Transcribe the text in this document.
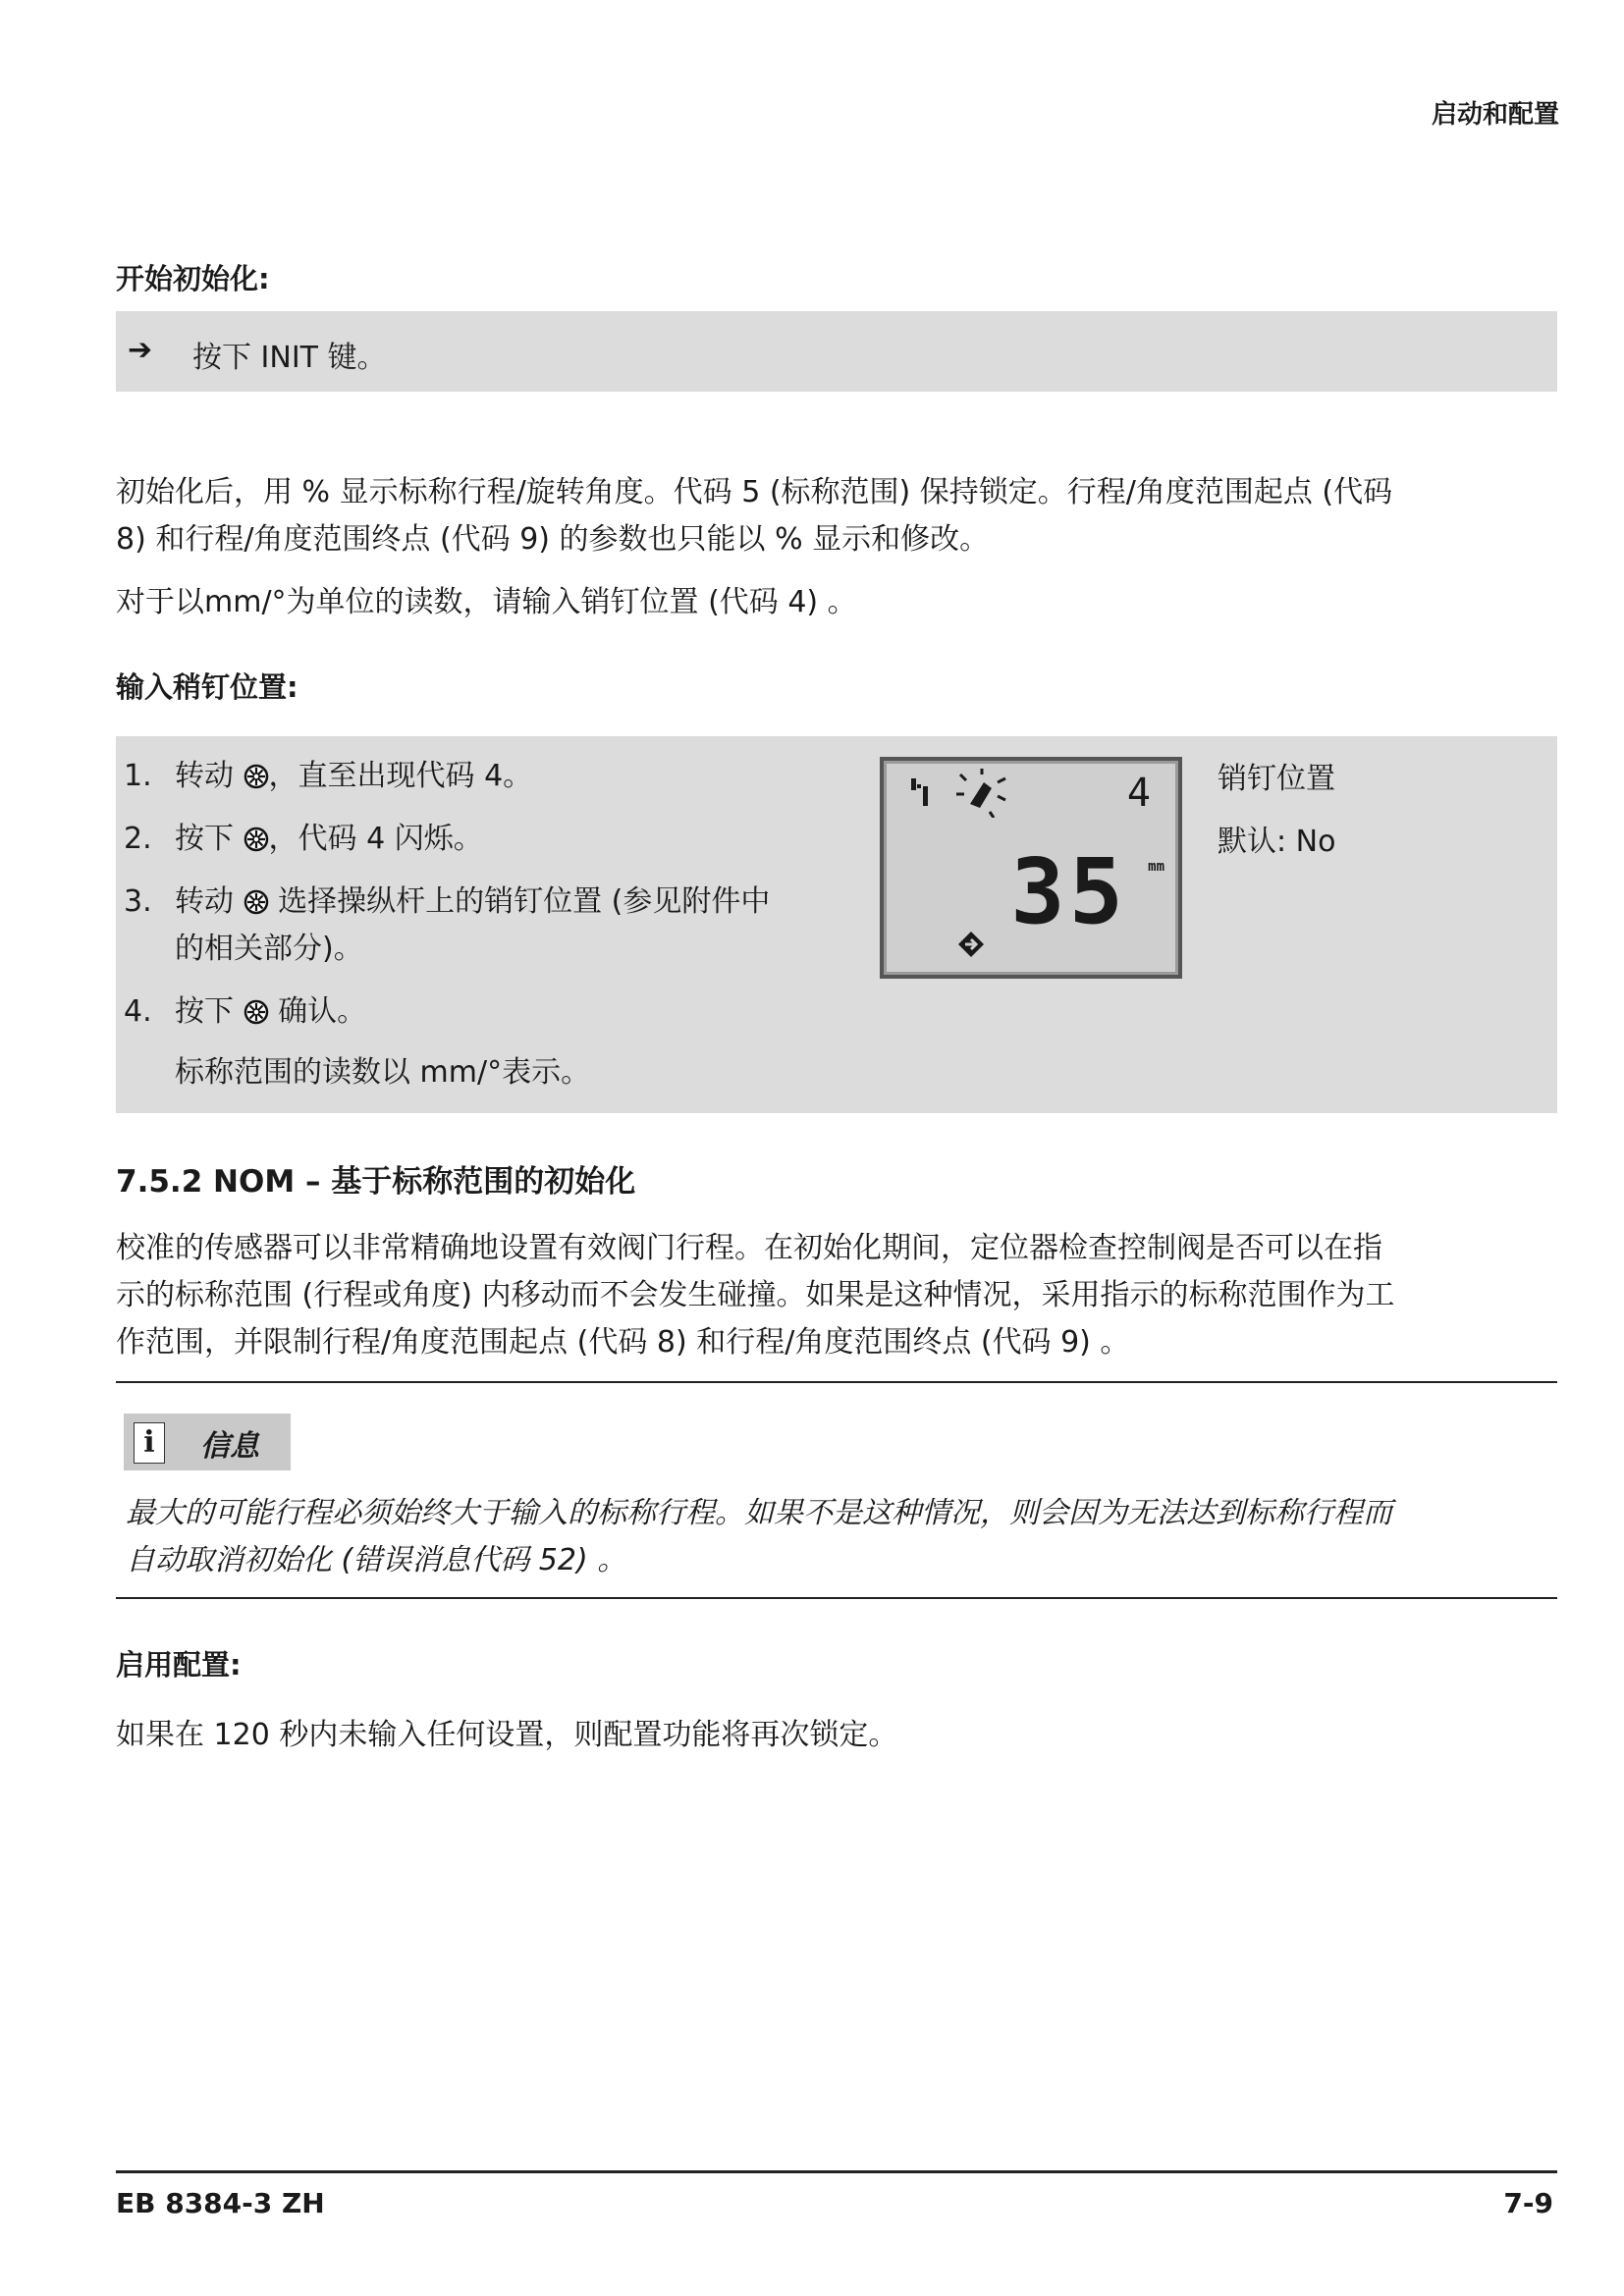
启动和配置
开始初始化:
➔ 按下 INIT 键。
初始化后，用 % 显示标称行程/旋转角度。代码 5 (标称范围) 保持锁定。行程/角度范围起点 (代码
8) 和行程/角度范围终点 (代码 9) 的参数也只能以 % 显示和修改。
对于以mm/°为单位的读数，请输入销钉位置 (代码 4) 。
输入稍钉位置:
1. 转动 ，直至出现代码 4。
2. 按下 ，代码 4 闪烁。
3. 转动  选择操纵杆上的销钉位置 (参见附件中
的相关部分)。
4. 按下  确认。
标称范围的读数以 mm/°表示。
4
35 mm
销钉位置
默认: No
7.5.2 NOM – 基于标称范围的初始化
校准的传感器可以非常精确地设置有效阀门行程。在初始化期间，定位器检查控制阀是否可以在指
示的标称范围 (行程或角度) 内移动而不会发生碰撞。如果是这种情况，采用指示的标称范围作为工
作范围，并限制行程/角度范围起点 (代码 8) 和行程/角度范围终点 (代码 9) 。
i	信息
最大的可能行程必须始终大于输入的标称行程。如果不是这种情况，则会因为无法达到标称行程而
自动取消初始化 (错误消息代码 52) 。
启用配置:
如果在 120 秒内未输入任何设置，则配置功能将再次锁定。
EB 8384-3 ZH	7-9
